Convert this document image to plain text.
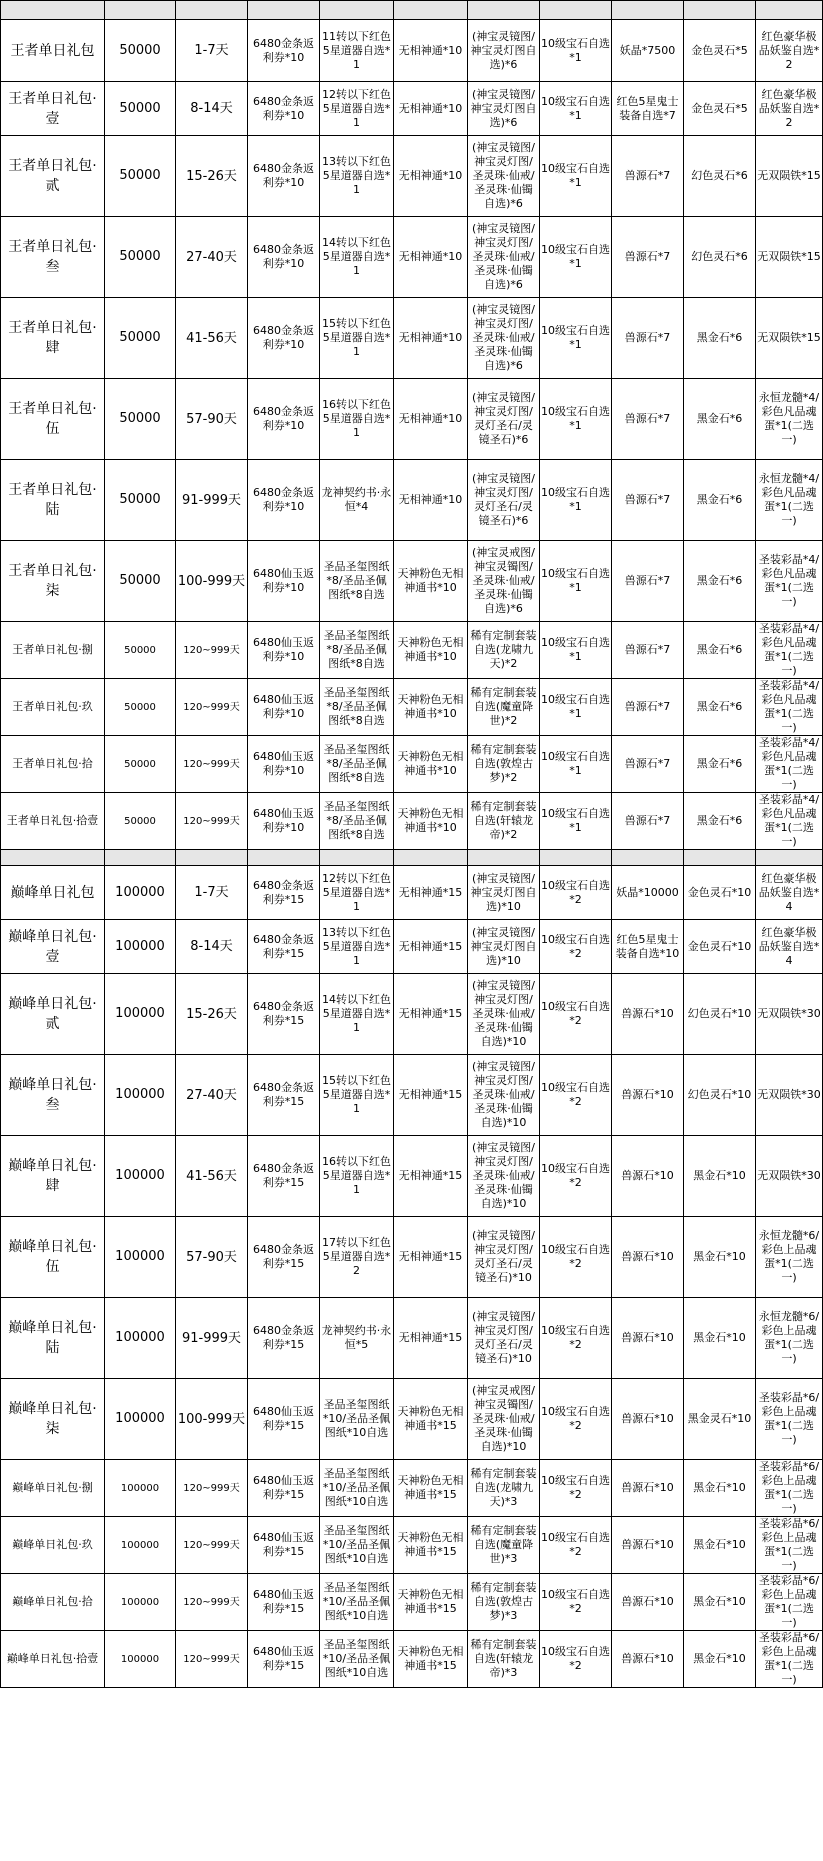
王者单日礼包	50000	1-7天	6480金条返利券*10	11转以下红色5星道器自选*1	无相神通*10	(神宝灵镜图/神宝灵灯图自选)*6	10级宝石自选*1	妖晶*7500	金色灵石*5	红色豪华极品妖鉴自选*2
王者单日礼包·壹	50000	8-14天	6480金条返利券*10	12转以下红色5星道器自选*1	无相神通*10	(神宝灵镜图/神宝灵灯图自选)*6	10级宝石自选*1	红色5星鬼士装备自选*7	金色灵石*5	红色豪华极品妖鉴自选*2
王者单日礼包·贰	50000	15-26天	6480金条返利券*10	13转以下红色5星道器自选*1	无相神通*10	(神宝灵镜图/神宝灵灯图/圣灵珠·仙戒/圣灵珠·仙镯自选)*6	10级宝石自选*1	兽源石*7	幻色灵石*6	无双陨铁*15
王者单日礼包·叁	50000	27-40天	6480金条返利券*10	14转以下红色5星道器自选*1	无相神通*10	(神宝灵镜图/神宝灵灯图/圣灵珠·仙戒/圣灵珠·仙镯自选)*6	10级宝石自选*1	兽源石*7	幻色灵石*6	无双陨铁*15
王者单日礼包·肆	50000	41-56天	6480金条返利券*10	15转以下红色5星道器自选*1	无相神通*10	(神宝灵镜图/神宝灵灯图/圣灵珠·仙戒/圣灵珠·仙镯自选)*6	10级宝石自选*1	兽源石*7	黑金石*6	无双陨铁*15
王者单日礼包·伍	50000	57-90天	6480金条返利券*10	16转以下红色5星道器自选*1	无相神通*10	(神宝灵镜图/神宝灵灯图/灵灯圣石/灵镜圣石)*6	10级宝石自选*1	兽源石*7	黑金石*6	永恒龙髓*4/彩色凡品魂蛋*1(二选一)
王者单日礼包·陆	50000	91-999天	6480金条返利券*10	龙神契约书·永恒*4	无相神通*10	(神宝灵镜图/神宝灵灯图/灵灯圣石/灵镜圣石)*6	10级宝石自选*1	兽源石*7	黑金石*6	永恒龙髓*4/彩色凡品魂蛋*1(二选一)
王者单日礼包·柒	50000	100-999天	6480仙玉返利券*10	圣品圣玺图纸*8/圣品圣佩图纸*8自选	天神粉色无相神通书*10	(神宝灵戒图/神宝灵镯图/圣灵珠·仙戒/圣灵珠·仙镯自选)*6	10级宝石自选*1	兽源石*7	黑金石*6	圣装彩晶*4/彩色凡品魂蛋*1(二选一)
王者单日礼包·捌	50000	120~999天	6480仙玉返利券*10	圣品圣玺图纸*8/圣品圣佩图纸*8自选	天神粉色无相神通书*10	稀有定制套装自选(龙啸九天)*2	10级宝石自选*1	兽源石*7	黑金石*6	圣装彩晶*4/彩色凡品魂蛋*1(二选一)
王者单日礼包·玖	50000	120~999天	6480仙玉返利券*10	圣品圣玺图纸*8/圣品圣佩图纸*8自选	天神粉色无相神通书*10	稀有定制套装自选(魔童降世)*2	10级宝石自选*1	兽源石*7	黑金石*6	圣装彩晶*4/彩色凡品魂蛋*1(二选一)
王者单日礼包·拾	50000	120~999天	6480仙玉返利券*10	圣品圣玺图纸*8/圣品圣佩图纸*8自选	天神粉色无相神通书*10	稀有定制套装自选(敦煌古梦)*2	10级宝石自选*1	兽源石*7	黑金石*6	圣装彩晶*4/彩色凡品魂蛋*1(二选一)
王者单日礼包·拾壹	50000	120~999天	6480仙玉返利券*10	圣品圣玺图纸*8/圣品圣佩图纸*8自选	天神粉色无相神通书*10	稀有定制套装自选(轩辕龙帝)*2	10级宝石自选*1	兽源石*7	黑金石*6	圣装彩晶*4/彩色凡品魂蛋*1(二选一)

巅峰单日礼包	100000	1-7天	6480金条返利券*15	12转以下红色5星道器自选*1	无相神通*15	(神宝灵镜图/神宝灵灯图自选)*10	10级宝石自选*2	妖晶*10000	金色灵石*10	红色豪华极品妖鉴自选*4
巅峰单日礼包·壹	100000	8-14天	6480金条返利券*15	13转以下红色5星道器自选*1	无相神通*15	(神宝灵镜图/神宝灵灯图自选)*10	10级宝石自选*2	红色5星鬼士装备自选*10	金色灵石*10	红色豪华极品妖鉴自选*4
巅峰单日礼包·贰	100000	15-26天	6480金条返利券*15	14转以下红色5星道器自选*1	无相神通*15	(神宝灵镜图/神宝灵灯图/圣灵珠·仙戒/圣灵珠·仙镯自选)*10	10级宝石自选*2	兽源石*10	幻色灵石*10	无双陨铁*30
巅峰单日礼包·叁	100000	27-40天	6480金条返利券*15	15转以下红色5星道器自选*1	无相神通*15	(神宝灵镜图/神宝灵灯图/圣灵珠·仙戒/圣灵珠·仙镯自选)*10	10级宝石自选*2	兽源石*10	幻色灵石*10	无双陨铁*30
巅峰单日礼包·肆	100000	41-56天	6480金条返利券*15	16转以下红色5星道器自选*1	无相神通*15	(神宝灵镜图/神宝灵灯图/圣灵珠·仙戒/圣灵珠·仙镯自选)*10	10级宝石自选*2	兽源石*10	黑金石*10	无双陨铁*30
巅峰单日礼包·伍	100000	57-90天	6480金条返利券*15	17转以下红色5星道器自选*2	无相神通*15	(神宝灵镜图/神宝灵灯图/灵灯圣石/灵镜圣石)*10	10级宝石自选*2	兽源石*10	黑金石*10	永恒龙髓*6/彩色上品魂蛋*1(二选一)
巅峰单日礼包·陆	100000	91-999天	6480金条返利券*15	龙神契约书·永恒*5	无相神通*15	(神宝灵镜图/神宝灵灯图/灵灯圣石/灵镜圣石)*10	10级宝石自选*2	兽源石*10	黑金石*10	永恒龙髓*6/彩色上品魂蛋*1(二选一)
巅峰单日礼包·柒	100000	100-999天	6480仙玉返利券*15	圣品圣玺图纸*10/圣品圣佩图纸*10自选	天神粉色无相神通书*15	(神宝灵戒图/神宝灵镯图/圣灵珠·仙戒/圣灵珠·仙镯自选)*10	10级宝石自选*2	兽源石*10	黑金灵石*10	圣装彩晶*6/彩色上品魂蛋*1(二选一)
巅峰单日礼包·捌	100000	120~999天	6480仙玉返利券*15	圣品圣玺图纸*10/圣品圣佩图纸*10自选	天神粉色无相神通书*15	稀有定制套装自选(龙啸九天)*3	10级宝石自选*2	兽源石*10	黑金石*10	圣装彩晶*6/彩色上品魂蛋*1(二选一)
巅峰单日礼包·玖	100000	120~999天	6480仙玉返利券*15	圣品圣玺图纸*10/圣品圣佩图纸*10自选	天神粉色无相神通书*15	稀有定制套装自选(魔童降世)*3	10级宝石自选*2	兽源石*10	黑金石*10	圣装彩晶*6/彩色上品魂蛋*1(二选一)
巅峰单日礼包·拾	100000	120~999天	6480仙玉返利券*15	圣品圣玺图纸*10/圣品圣佩图纸*10自选	天神粉色无相神通书*15	稀有定制套装自选(敦煌古梦)*3	10级宝石自选*2	兽源石*10	黑金石*10	圣装彩晶*6/彩色上品魂蛋*1(二选一)
巅峰单日礼包·拾壹	100000	120~999天	6480仙玉返利券*15	圣品圣玺图纸*10/圣品圣佩图纸*10自选	天神粉色无相神通书*15	稀有定制套装自选(轩辕龙帝)*3	10级宝石自选*2	兽源石*10	黑金石*10	圣装彩晶*6/彩色上品魂蛋*1(二选一)
